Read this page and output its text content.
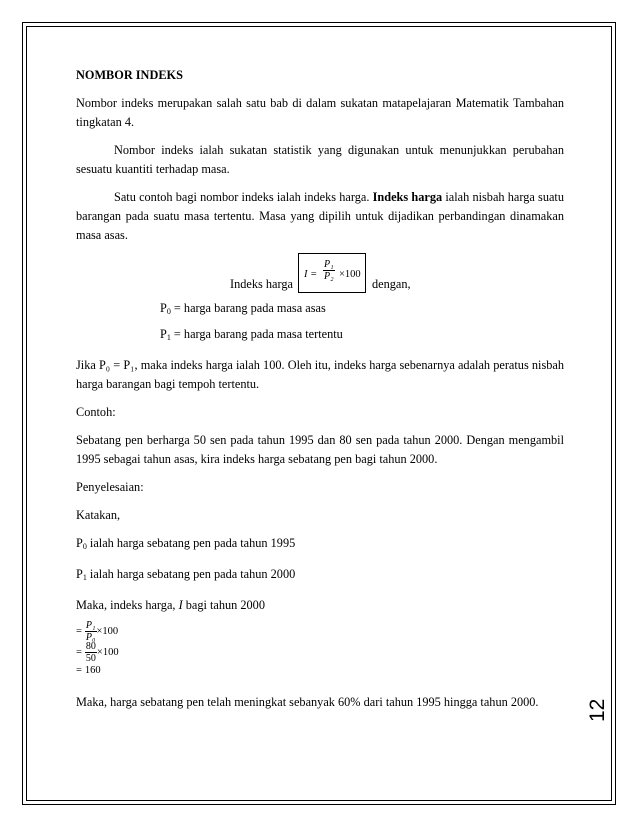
NOMBOR INDEKS

Nombor indeks merupakan salah satu bab di dalam sukatan matapelajaran Matematik Tambahan tingkatan 4.

Nombor indeks ialah sukatan statistik yang digunakan untuk menunjukkan perubahan sesuatu kuantiti terhadap masa.

Satu contoh bagi nombor indeks ialah indeks harga. Indeks harga ialah nisbah harga suatu barangan pada suatu masa tertentu. Masa yang dipilih untuk dijadikan perbandingan dinamakan masa asas.

Indeks harga
$I = \frac{\text{P₁}}{\text{P₂}} \times 100$
dengan,

$P_0$ = harga barang pada masa asas

$P_1$ = harga barang pada masa tertentu

Jika P₀ = P₁, maka indeks harga ialah 100. Oleh itu, indeks harga sebenarnya adalah peratus nisbah harga barangan bagi tempoh tertentu.

Contoh:

Sebatang pen berharga 50 sen pada tahun 1995 dan 80 sen pada tahun 2000. Dengan mengambil 1995 sebagai tahun asas, kira indeks harga sebatang pen bagi tahun 2000.

Penyelesaian:

Katakan,

$P_0$ ialah harga sebatang pen pada tahun 1995

$P_1$ ialah harga sebatang pen pada tahun 2000

Maka, indeks harga, I bagi tahun 2000

= $\frac{\text{P₁}}{\text{P₀}} \times 100$
= $\frac{80}{50} \times 100$
= 160

Maka, harga sebatang pen telah meningkat sebanyak 60% dari tahun 1995 hingga tahun 2000.	12
